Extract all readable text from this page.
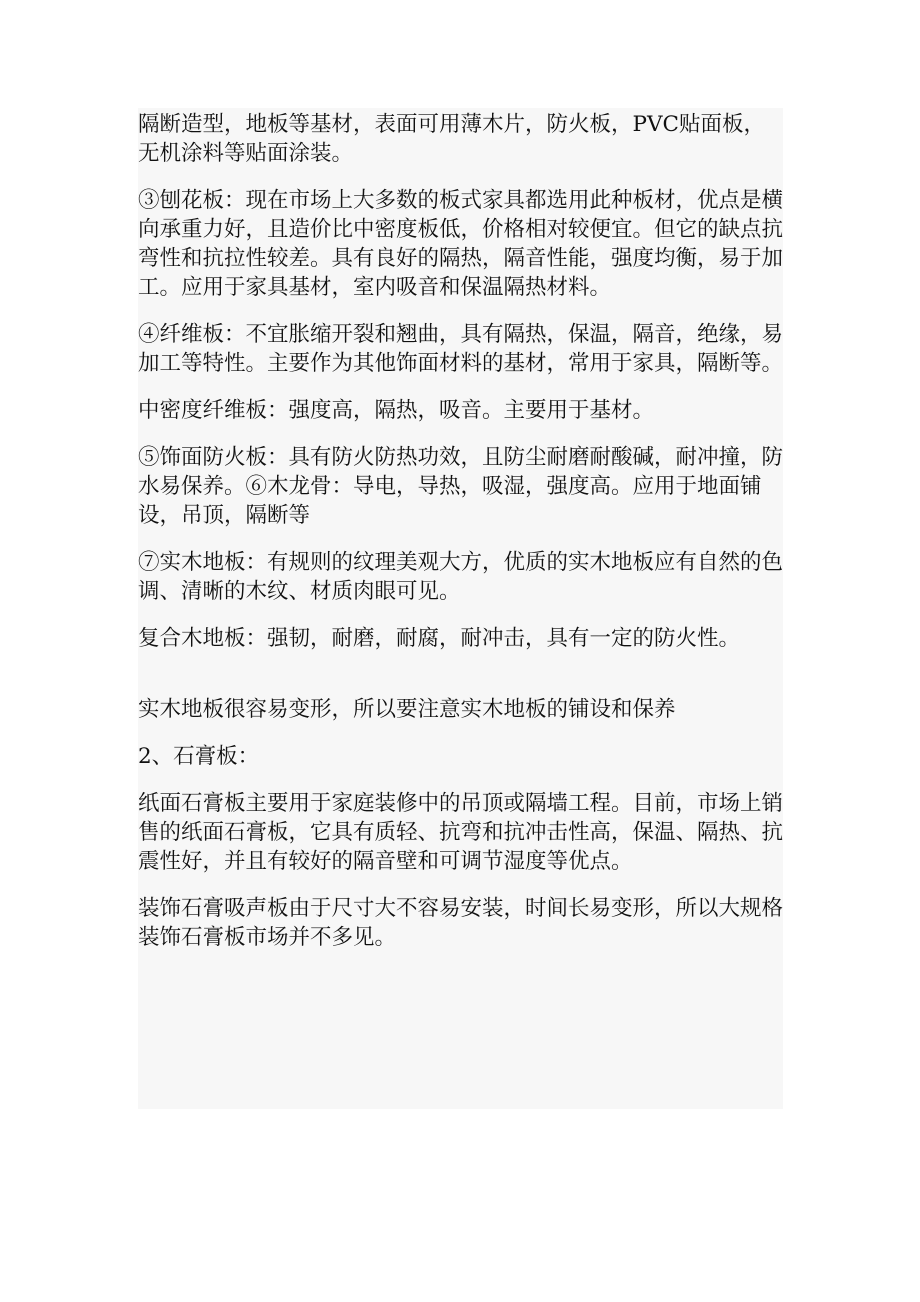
隔断造型，地板等基材，表面可用薄木片，防火板，PVC贴面板，无机涂料等贴面涂装。

③刨花板：现在市场上大多数的板式家具都选用此种板材，优点是横向承重力好，且造价比中密度板低，价格相对较便宜。但它的缺点抗弯性和抗拉性较差。具有良好的隔热，隔音性能，强度均衡，易于加工。应用于家具基材，室内吸音和保温隔热材料。

④纤维板：不宜胀缩开裂和翘曲，具有隔热，保温，隔音，绝缘，易加工等特性。主要作为其他饰面材料的基材，常用于家具，隔断等。

中密度纤维板：强度高，隔热，吸音。主要用于基材。

⑤饰面防火板：具有防火防热功效，且防尘耐磨耐酸碱，耐冲撞，防水易保养。⑥木龙骨：导电，导热，吸湿，强度高。应用于地面铺设，吊顶，隔断等

⑦实木地板：有规则的纹理美观大方，优质的实木地板应有自然的色调、清晰的木纹、材质肉眼可见。

复合木地板：强韧，耐磨，耐腐，耐冲击，具有一定的防火性。

实木地板很容易变形，所以要注意实木地板的铺设和保养

2、石膏板：

纸面石膏板主要用于家庭装修中的吊顶或隔墙工程。目前，市场上销售的纸面石膏板，它具有质轻、抗弯和抗冲击性高，保温、隔热、抗震性好，并且有较好的隔音壁和可调节湿度等优点。

装饰石膏吸声板由于尺寸大不容易安装，时间长易变形，所以大规格装饰石膏板市场并不多见。
